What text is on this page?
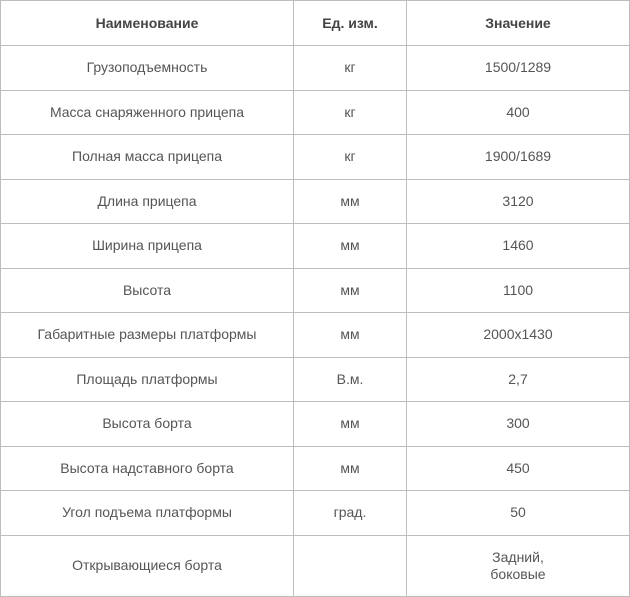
Наименование	Ед. изм.	Значение
Грузоподъемность	кг	1500/1289
Масса снаряженного прицепа	кг	400
Полная масса прицепа	кг	1900/1689
Длина прицепа	мм	3120
Ширина прицепа	мм	1460
Высота	мм	1100
Габаритные размеры платформы	мм	2000x1430
Площадь платформы	В.м.	2,7
Высота борта	мм	300
Высота надставного борта	мм	450
Угол подъема платформы	град.	50
Открывающиеся борта		Задний,
боковые
